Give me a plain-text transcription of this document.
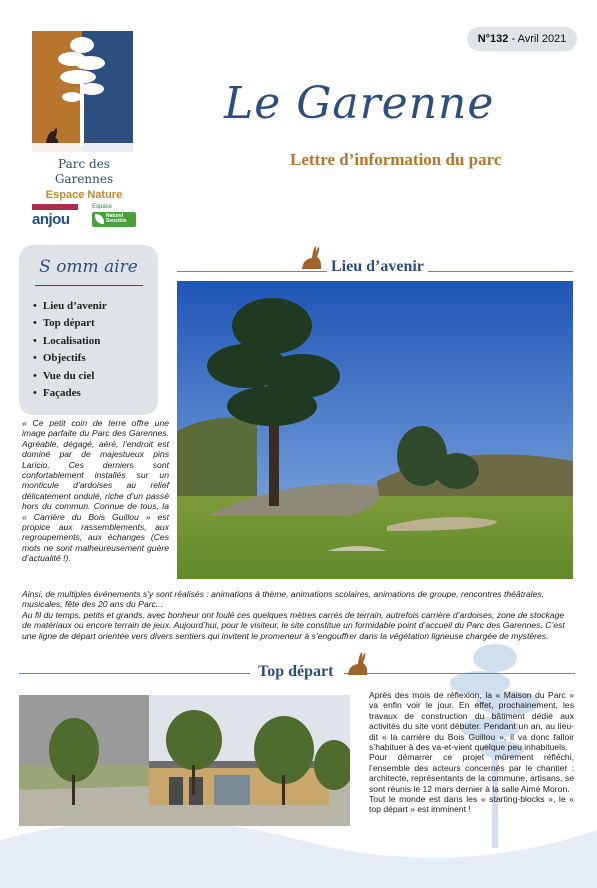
Parc des Garennes
Espace Nature
anjou
Espace
Naturel Sensible
N°132 - Avril 2021
Le Garenne
Lettre d’information du parc
S omm aire
• Lieu d’avenir
• Top départ
• Localisation
• Objectifs
• Vue du ciel
• Façades
Lieu d’avenir
« Ce petit coin de terre offre une image parfaite du Parc des Garennes. Agréable, dégagé, aéré, l’endroit est dominé par de majestueux pins Laricio. Ces derniers sont confortablement installés sur un monticule d’ardoises au relief délicatement ondulé, riche d’un passé hors du commun. Connue de tous, la « Carrière du Bois Guillou » est propice aux rassemblements, aux regroupements, aux échanges (Ces mots ne sont malheureusement guère d’actualité !).
Ainsi, de multiples événements s’y sont réalisés : animations à thème, animations scolaires, animations de groupe, rencontres théâtrales, musicales, fête des 20 ans du Parc...
Au fil du temps, petits et grands, avec bonheur ont foulé ces quelques mètres carrés de terrain, autrefois carrière d’ardoises, zone de stockage de matériaux ou encore terrain de jeux. Aujourd’hui, pour le visiteur, le site constitue un formidable point d’accueil du Parc des Garennes. C’est une ligne de départ orientée vers divers sentiers qui invitent le promeneur à s’engouffrer dans la végétation ligneuse chargée de mystères.
Top départ
Après des mois de réflexion, la « Maison du Parc » va enfin voir le jour. En effet, prochainement, les travaux de construction du bâtiment dédié aux activités du site vont débuter. Pendant un an, au lieu-dit « la carrière du Bois Guillou », il va donc falloir s’habituer à des va-et-vient quelque peu inhabituels.
Pour démarrer ce projet mûrement réfléchi, l’ensemble des acteurs concernés par le chantier : architecte, représentants de la commune, artisans, se sont réunis le 12 mars dernier à la salle Aimé Moron.
Tout le monde est dans les « starting-blocks », le « top départ » est imminent !
